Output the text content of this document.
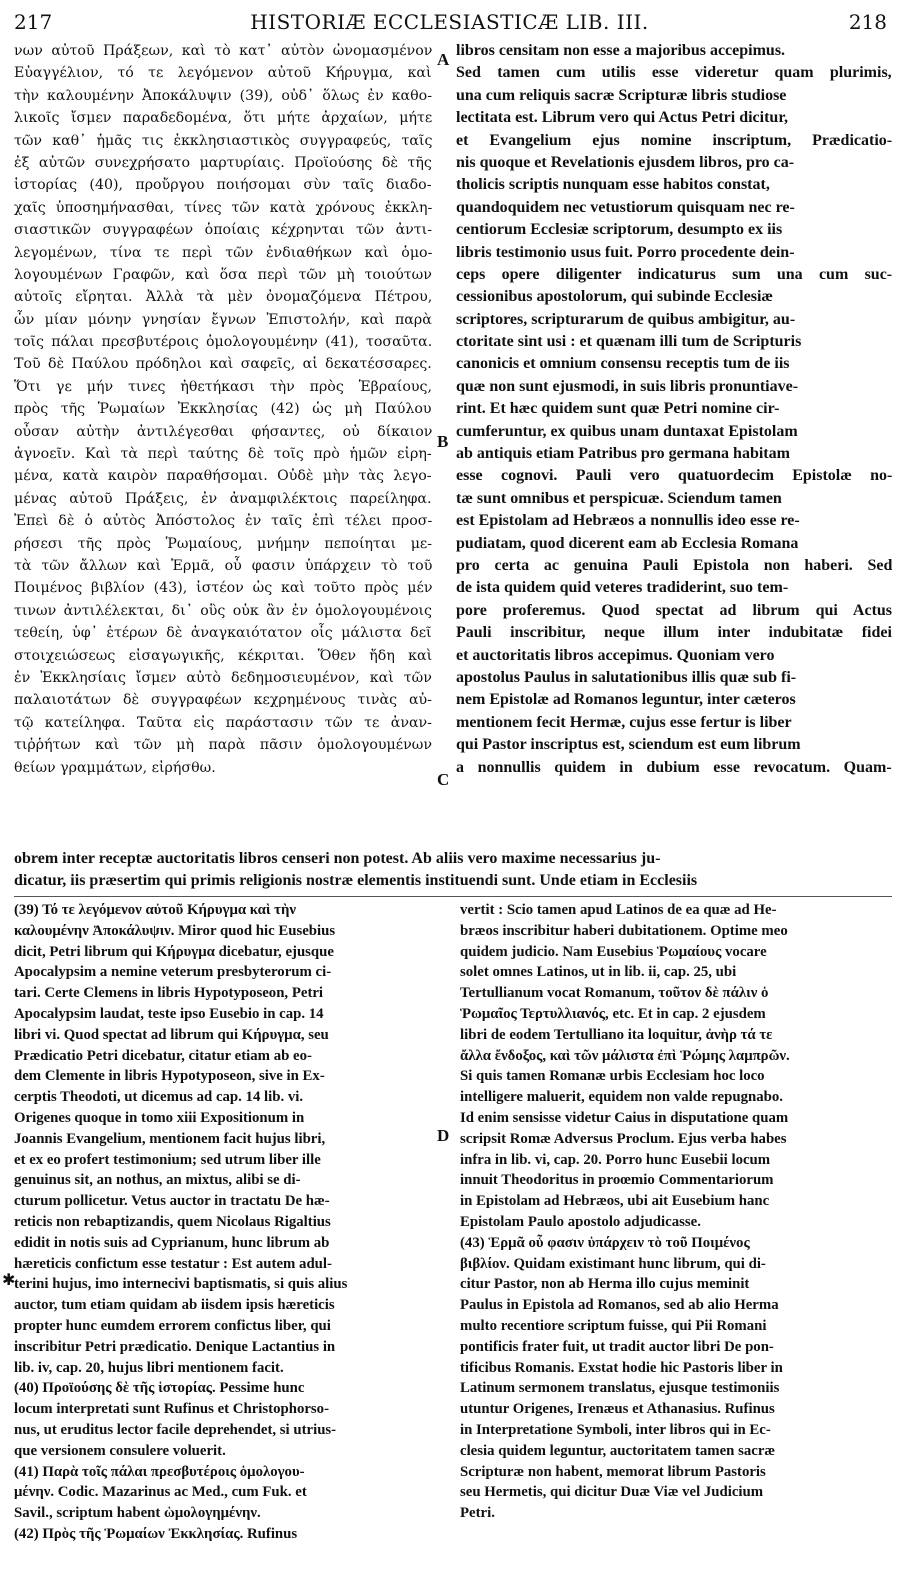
217	HISTORIÆ ECCLESIASTICÆ LIB. III.	218
νων αὐτοῦ Πράξεων, καὶ τὸ κατ᾽ αὐτὸν ὠνομασμένον
Εὐαγγέλιον, τό τε λεγόμενον αὐτοῦ Κήρυγμα, καὶ
τὴν καλουμένην Ἀποκάλυψιν (39), οὐδ᾽ ὅλως ἐν καθο-
λικοῖς ἴσμεν παραδεδομένα, ὅτι μήτε ἀρχαίων, μήτε
τῶν καθ᾽ ἡμᾶς τις ἐκκλησιαστικὸς συγγραφεύς, ταῖς
ἐξ αὐτῶν συνεχρήσατο μαρτυρίαις. Προϊούσης δὲ τῆς
ἱστορίας (40), προὔργου ποιήσομαι σὺν ταῖς διαδο-
χαῖς ὑποσημήνασθαι, τίνες τῶν κατὰ χρόνους ἐκκλη-
σιαστικῶν συγγραφέων ὁποίαις κέχρηνται τῶν ἀντι-
λεγομένων, τίνα τε περὶ τῶν ἐνδιαθήκων καὶ ὁμο-
λογουμένων Γραφῶν, καὶ ὅσα περὶ τῶν μὴ τοιούτων
αὐτοῖς εἴρηται. Ἀλλὰ τὰ μὲν ὀνομαζόμενα Πέτρου,
ὧν μίαν μόνην γνησίαν ἔγνων Ἐπιστολήν, καὶ παρὰ
τοῖς πάλαι πρεσβυτέροις ὁμολογουμένην (41), τοσαῦτα.
Τοῦ δὲ Παύλου πρόδηλοι καὶ σαφεῖς, αἱ δεκατέσσαρες.
Ὅτι γε μήν τινες ἠθετήκασι τὴν πρὸς Ἑβραίους,
πρὸς τῆς Ῥωμαίων Ἐκκλησίας (42) ὡς μὴ Παύλου
οὖσαν αὐτὴν ἀντιλέγεσθαι φήσαντες, οὐ δίκαιον
ἀγνοεῖν. Καὶ τὰ περὶ ταύτης δὲ τοῖς πρὸ ἡμῶν εἰρη-
μένα, κατὰ καιρὸν παραθήσομαι. Οὐδὲ μὴν τὰς λεγο-
μένας αὐτοῦ Πράξεις, ἐν ἀναμφιλέκτοις παρείληφα.
Ἐπεὶ δὲ ὁ αὐτὸς Ἀπόστολος ἐν ταῖς ἐπὶ τέλει προσ-
ρήσεσι τῆς πρὸς Ῥωμαίους, μνήμην πεποίηται με-
τὰ τῶν ἄλλων καὶ Ἑρμᾶ, οὗ φασιν ὑπάρχειν τὸ τοῦ
Ποιμένος βιβλίον (43), ἰστέον ὡς καὶ τοῦτο πρὸς μέν
τινων ἀντιλέλεκται, δι᾽ οὓς οὐκ ἂν ἐν ὁμολογουμένοις
τεθείη, ὑφ᾽ ἑτέρων δὲ ἀναγκαιότατον οἷς μάλιστα δεῖ
στοιχειώσεως εἰσαγωγικῆς, κέκριται. Ὅθεν ἤδη καὶ
ἐν Ἐκκλησίαις ἴσμεν αὐτὸ δεδημοσιευμένον, καὶ τῶν
παλαιοτάτων δὲ συγγραφέων κεχρημένους τινὰς αὐ-
τῷ κατείληφα. Ταῦτα εἰς παράστασιν τῶν τε ἀναν-
τιῤῥήτων καὶ τῶν μὴ παρὰ πᾶσιν ὁμολογουμένων
θείων γραμμάτων, εἰρήσθω.
libros censitam non esse a majoribus accepimus.
Sed tamen cum utilis esse videretur quam plurimis,
una cum reliquis sacræ Scripturæ libris studiose
lectitata est. Librum vero qui Actus Petri dicitur,
et Evangelium ejus nomine inscriptum, Prædicatio-
nis quoque et Revelationis ejusdem libros, pro ca-
tholicis scriptis nunquam esse habitos constat,
quandoquidem nec vetustiorum quisquam nec re-
centiorum Ecclesiæ scriptorum, desumpto ex iis
libris testimonio usus fuit. Porro procedente dein-
ceps opere diligenter indicaturus sum una cum suc-
cessionibus apostolorum, qui subinde Ecclesiæ
scriptores, scripturarum de quibus ambigitur, au-
ctoritate sint usi : et quænam illi tum de Scripturis
canonicis et omnium consensu receptis tum de iis
quæ non sunt ejusmodi, in suis libris pronuntiave-
rint. Et hæc quidem sunt quæ Petri nomine cir-
cumferuntur, ex quibus unam duntaxat Epistolam
ab antiquis etiam Patribus pro germana habitam
esse cognovi. Pauli vero quatuordecim Epistolæ no-
tæ sunt omnibus et perspicuæ. Sciendum tamen
est Epistolam ad Hebræos a nonnullis ideo esse re-
pudiatam, quod dicerent eam ab Ecclesia Romana
pro certa ac genuina Pauli Epistola non haberi. Sed
de ista quidem quid veteres tradiderint, suo tem-
pore proferemus. Quod spectat ad librum qui Actus
Pauli inscribitur, neque illum inter indubitatæ fidei
et auctoritatis libros accepimus. Quoniam vero
apostolus Paulus in salutationibus illis quæ sub fi-
nem Epistolæ ad Romanos leguntur, inter cæteros
mentionem fecit Hermæ, cujus esse fertur is liber
qui Pastor inscriptus est, sciendum est eum librum
a nonnullis quidem in dubium esse revocatum. Quam-
A
B
C
D
obrem inter receptæ auctoritatis libros censeri non potest. Ab aliis vero maxime necessarius ju-
dicatur, iis præsertim qui primis religionis nostræ elementis instituendi sunt. Unde etiam in Ecclesiis
(39) Τό τε λεγόμενον αὐτοῦ Κήρυγμα καὶ τὴν
καλουμένην Ἀποκάλυψιν. Miror quod hic Eusebius
dicit, Petri librum qui Κήρυγμα dicebatur, ejusque
Apocalypsim a nemine veterum presbyterorum ci-
tari. Certe Clemens in libris Hypotyposeon, Petri
Apocalypsim laudat, teste ipso Eusebio in cap. 14
libri vi. Quod spectat ad librum qui Κήρυγμα, seu
Prædicatio Petri dicebatur, citatur etiam ab eo-
dem Clemente in libris Hypotyposeon, sive in Ex-
cerptis Theodoti, ut dicemus ad cap. 14 lib. vi.
Origenes quoque in tomo xiii Expositionum in
Joannis Evangelium, mentionem facit hujus libri,
et ex eo profert testimonium; sed utrum liber ille
genuinus sit, an nothus, an mixtus, alibi se di-
cturum pollicetur. Vetus auctor in tractatu De hæ-
reticis non rebaptizandis, quem Nicolaus Rigaltius
edidit in notis suis ad Cyprianum, hunc librum ab
hæreticis confictum esse testatur : Est autem adul-
terini hujus, imo internecivi baptismatis, si quis alius
auctor, tum etiam quidam ab iisdem ipsis hæreticis
propter hunc eumdem errorem confictus liber, qui
inscribitur Petri prædicatio. Denique Lactantius in
lib. iv, cap. 20, hujus libri mentionem facit.
(40) Προϊούσης δὲ τῆς ἱστορίας. Pessime hunc
locum interpretati sunt Rufinus et Christophorso-
nus, ut eruditus lector facile deprehendet, si utrius-
que versionem consulere voluerit.
(41) Παρὰ τοῖς πάλαι πρεσβυτέροις ὁμολογου-
μένην. Codic. Mazarinus ac Med., cum Fuk. et
Savil., scriptum habent ὡμολογημένην.
(42) Πρὸς τῆς Ῥωμαίων Ἐκκλησίας. Rufinus
vertit : Scio tamen apud Latinos de ea quæ ad He-
bræos inscribitur haberi dubitationem. Optime meo
quidem judicio. Nam Eusebius Ῥωμαίους vocare
solet omnes Latinos, ut in lib. ii, cap. 25, ubi
Tertullianum vocat Romanum, τοῦτον δὲ πάλιν ὁ
Ῥωμαῖος Τερτυλλιανός, etc. Et in cap. 2 ejusdem
libri de eodem Tertulliano ita loquitur, ἀνὴρ τά τε
ἄλλα ἔνδοξος, καὶ τῶν μάλιστα ἐπὶ Ῥώμης λαμπρῶν.
Si quis tamen Romanæ urbis Ecclesiam hoc loco
intelligere maluerit, equidem non valde repugnabo.
Id enim sensisse videtur Caius in disputatione quam
scripsit Romæ Adversus Proclum. Ejus verba habes
infra in lib. vi, cap. 20. Porro hunc Eusebii locum
innuit Theodoritus in proœmio Commentariorum
in Epistolam ad Hebræos, ubi ait Eusebium hanc
Epistolam Paulo apostolo adjudicasse.
(43) Ἑρμᾶ οὗ φασιν ὑπάρχειν τὸ τοῦ Ποιμένος
βιβλίον. Quidam existimant hunc librum, qui di-
citur Pastor, non ab Herma illo cujus meminit
Paulus in Epistola ad Romanos, sed ab alio Herma
multo recentiore scriptum fuisse, qui Pii Romani
pontificis frater fuit, ut tradit auctor libri De pon-
tificibus Romanis. Exstat hodie hic Pastoris liber in
Latinum sermonem translatus, ejusque testimoniis
utuntur Origenes, Irenæus et Athanasius. Rufinus
in Interpretatione Symboli, inter libros qui in Ec-
clesia quidem leguntur, auctoritatem tamen sacræ
Scripturæ non habent, memorat librum Pastoris
seu Hermetis, qui dicitur Duæ Viæ vel Judicium
Petri.
✱
